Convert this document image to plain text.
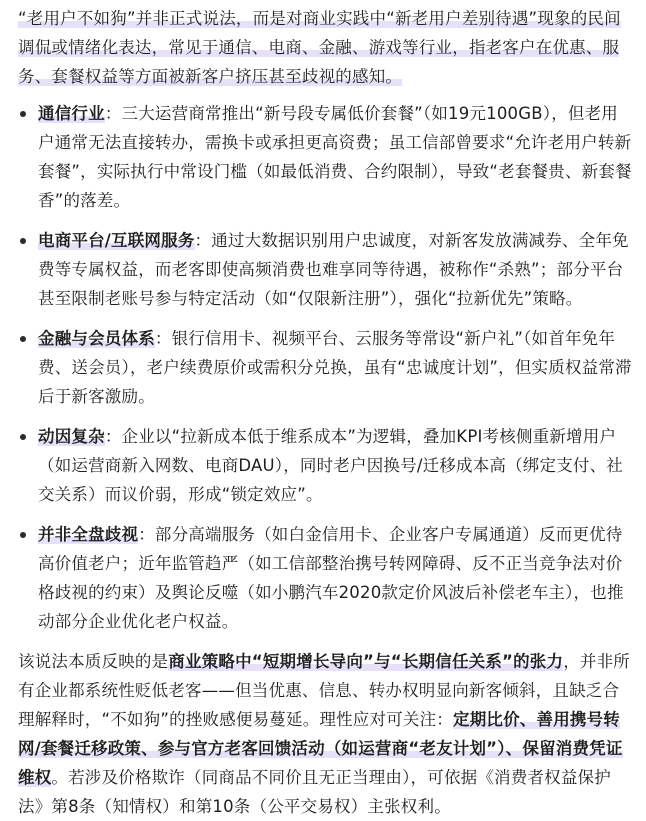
“老用户不如狗”并非正式说法，而是对商业实践中“新老用户差别待遇”现象的民间调侃或情绪化表达，常见于通信、电商、金融、游戏等行业，指老客户在优惠、服务、套餐权益等方面被新客户挤压甚至歧视的感知。

通信行业：三大运营商常推出“新号段专属低价套餐”（如19元100GB），但老用户通常无法直接转办，需换卡或承担更高资费；虽工信部曾要求“允许老用户转新套餐”，实际执行中常设门槛（如最低消费、合约限制），导致“老套餐贵、新套餐香”的落差。
电商平台/互联网服务：通过大数据识别用户忠诚度，对新客发放满减券、全年免费等专属权益，而老客即使高频消费也难享同等待遇，被称作“杀熟”；部分平台甚至限制老账号参与特定活动（如“仅限新注册”），强化“拉新优先”策略。
金融与会员体系：银行信用卡、视频平台、云服务等常设“新户礼”（如首年免年费、送会员），老户续费原价或需积分兑换，虽有“忠诚度计划”，但实质权益常滞后于新客激励。
动因复杂：企业以“拉新成本低于维系成本”为逻辑，叠加KPI考核侧重新增用户（如运营商新入网数、电商DAU），同时老户因换号/迁移成本高（绑定支付、社交关系）而议价弱，形成“锁定效应”。
并非全盘歧视：部分高端服务（如白金信用卡、企业客户专属通道）反而更优待高价值老户；近年监管趋严（如工信部整治携号转网障碍、反不正当竞争法对价格歧视的约束）及舆论反噬（如小鹏汽车2020款定价风波后补偿老车主），也推动部分企业优化老户权益。

该说法本质反映的是商业策略中“短期增长导向”与“长期信任关系”的张力，并非所有企业都系统性贬低老客——但当优惠、信息、转办权明显向新客倾斜，且缺乏合理解释时，“不如狗”的挫败感便易蔓延。理性应对可关注：定期比价、善用携号转网/套餐迁移政策、参与官方老客回馈活动（如运营商“老友计划”）、保留消费凭证维权。若涉及价格欺诈（同商品不同价且无正当理由），可依据《消费者权益保护法》第8条（知情权）和第10条（公平交易权）主张权利。
